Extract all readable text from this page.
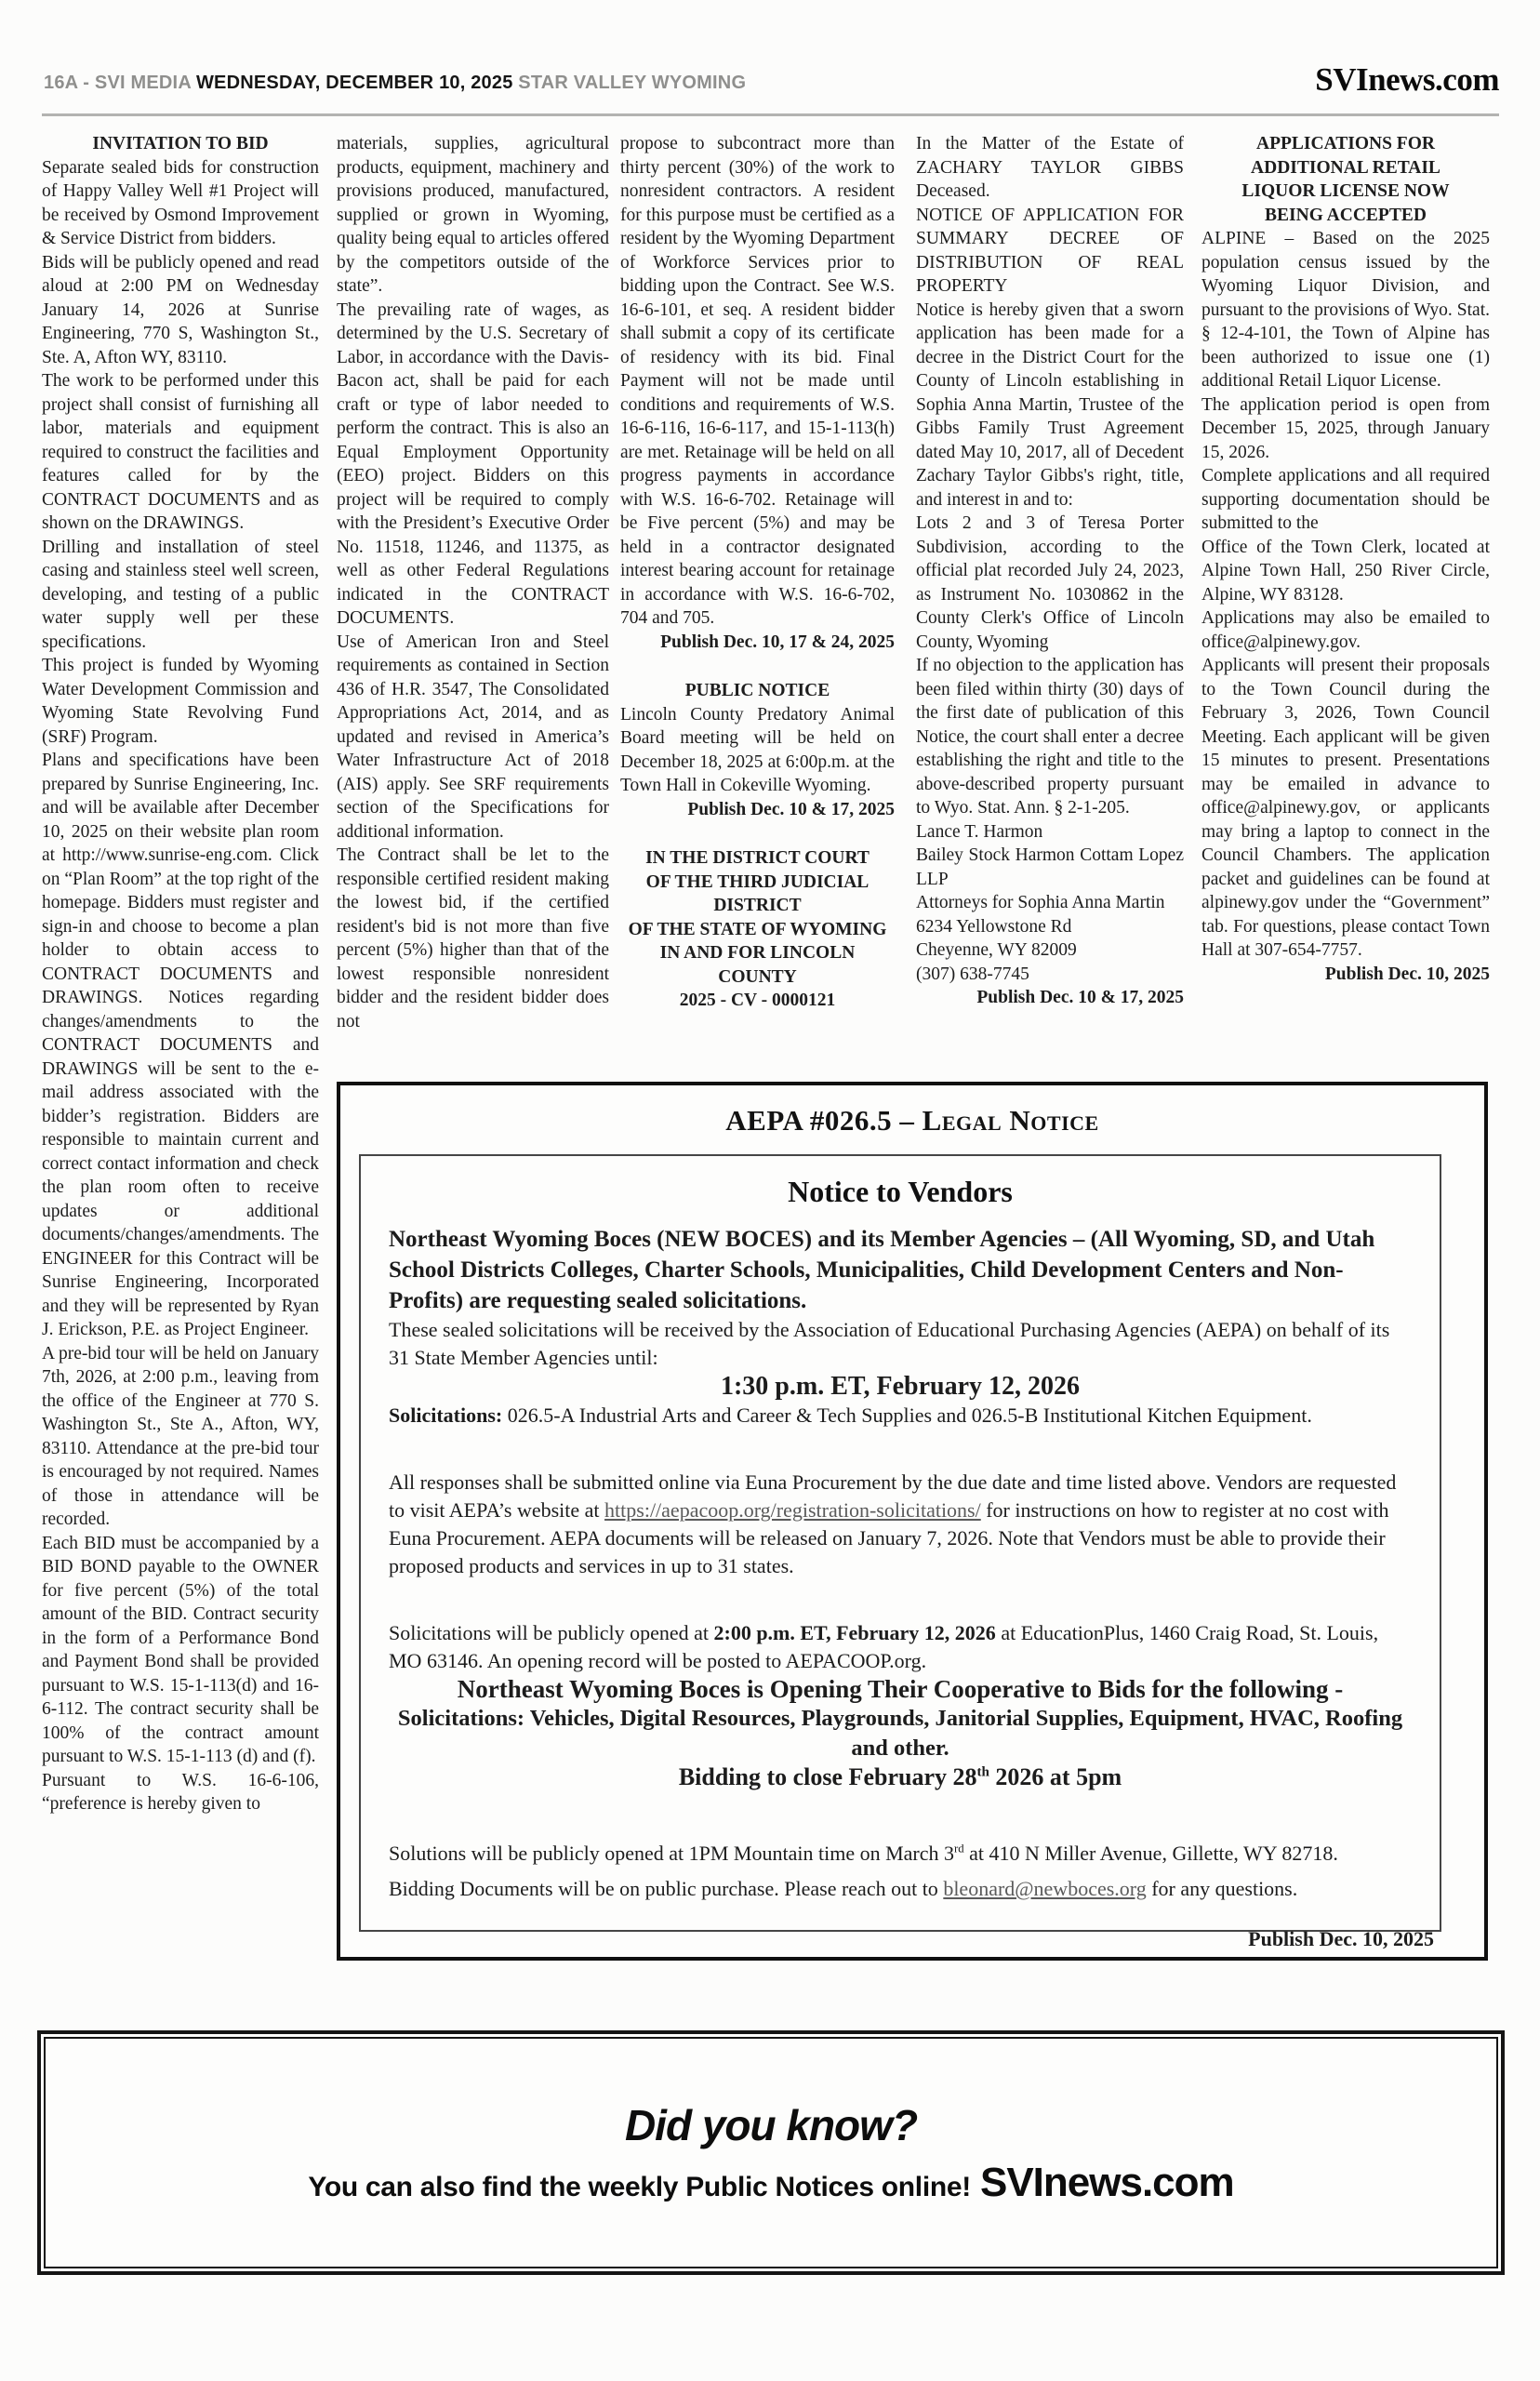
16A - SVI MEDIA WEDNESDAY, DECEMBER 10, 2025 STAR VALLEY WYOMING	SVInews.com

INVITATION TO BID

Separate sealed bids for construction of Happy Valley Well #1 Project will be received by Osmond Improvement & Service District from bidders.

Bids will be publicly opened and read aloud at 2:00 PM on Wednesday January 14, 2026 at Sunrise Engineering, 770 S, Washington St., Ste. A, Afton WY, 83110.

The work to be performed under this project shall consist of furnishing all labor, materials and equipment required to construct the facilities and features called for by the CONTRACT DOCUMENTS and as shown on the DRAWINGS.

Drilling and installation of steel casing and stainless steel well screen, developing, and testing of a public water supply well per these specifications.

This project is funded by Wyoming Water Development Commission and Wyoming State Revolving Fund (SRF) Program.

Plans and specifications have been prepared by Sunrise Engineering, Inc. and will be available after December 10, 2025 on their website plan room at http://www.sunrise-eng.com. Click on “Plan Room” at the top right of the homepage. Bidders must register and sign-in and choose to become a plan holder to obtain access to CONTRACT DOCUMENTS and DRAWINGS. Notices regarding changes/amendments to the CONTRACT DOCUMENTS and DRAWINGS will be sent to the e-mail address associated with the bidder’s registration. Bidders are responsible to maintain current and correct contact information and check the plan room often to receive updates or additional documents/changes/amendments. The ENGINEER for this Contract will be Sunrise Engineering, Incorporated and they will be represented by Ryan J. Erickson, P.E. as Project Engineer.

A pre-bid tour will be held on January 7th, 2026, at 2:00 p.m., leaving from the office of the Engineer at 770 S. Washington St., Ste A., Afton, WY, 83110. Attendance at the pre-bid tour is encouraged by not required. Names of those in attendance will be recorded.

Each BID must be accompanied by a BID BOND payable to the OWNER for five percent (5%) of the total amount of the BID. Contract security in the form of a Performance Bond and Payment Bond shall be provided pursuant to W.S. 15-1-113(d) and 16-6-112. The contract security shall be 100% of the contract amount pursuant to W.S. 15-1-113 (d) and (f).

Pursuant to W.S. 16-6-106, “preference is hereby given to

materials, supplies, agricultural products, equipment, machinery and provisions produced, manufactured, supplied or grown in Wyoming, quality being equal to articles offered by the competitors outside of the state”.

The prevailing rate of wages, as determined by the U.S. Secretary of Labor, in accordance with the Davis-Bacon act, shall be paid for each craft or type of labor needed to perform the contract. This is also an Equal Employment Opportunity (EEO) project. Bidders on this project will be required to comply with the President’s Executive Order No. 11518, 11246, and 11375, as well as other Federal Regulations indicated in the CONTRACT DOCUMENTS.

Use of American Iron and Steel requirements as contained in Section 436 of H.R. 3547, The Consolidated Appropriations Act, 2014, and as updated and revised in America’s Water Infrastructure Act of 2018 (AIS) apply. See SRF requirements section of the Specifications for additional information.

The Contract shall be let to the responsible certified resident making the lowest bid, if the certified resident's bid is not more than five percent (5%) higher than that of the lowest responsible nonresident bidder and the resident bidder does not

propose to subcontract more than thirty percent (30%) of the work to nonresident contractors. A resident for this purpose must be certified as a resident by the Wyoming Department of Workforce Services prior to bidding upon the Contract. See W.S. 16-6-101, et seq. A resident bidder shall submit a copy of its certificate of residency with its bid. Final Payment will not be made until conditions and requirements of W.S. 16-6-116, 16-6-117, and 15-1-113(h) are met. Retainage will be held on all progress payments in accordance with W.S. 16-6-702. Retainage will be Five percent (5%) and may be held in a contractor designated interest bearing account for retainage in accordance with W.S. 16-6-702, 704 and 705.

Publish Dec. 10, 17 & 24, 2025

PUBLIC NOTICE

Lincoln County Predatory Animal Board meeting will be held on December 18, 2025 at 6:00p.m. at the Town Hall in Cokeville Wyoming.

Publish Dec. 10 & 17, 2025

IN THE DISTRICT COURT
OF THE THIRD JUDICIAL
DISTRICT
OF THE STATE OF WYOMING
IN AND FOR LINCOLN
COUNTY
2025 - CV - 0000121

In the Matter of the Estate of ZACHARY TAYLOR GIBBS Deceased.

NOTICE OF APPLICATION FOR SUMMARY DECREE OF DISTRIBUTION OF REAL PROPERTY

Notice is hereby given that a sworn application has been made for a decree in the District Court for the County of Lincoln establishing in Sophia Anna Martin, Trustee of the Gibbs Family Trust Agreement dated May 10, 2017, all of Decedent Zachary Taylor Gibbs's right, title, and interest in and to:

Lots 2 and 3 of Teresa Porter Subdivision, according to the official plat recorded July 24, 2023, as Instrument No. 1030862 in the County Clerk's Office of Lincoln County, Wyoming

If no objection to the application has been filed within thirty (30) days of the first date of publication of this Notice, the court shall enter a decree establishing the right and title to the above-described property pursuant to Wyo. Stat. Ann. § 2-1-205.

Lance T. Harmon

Bailey Stock Harmon Cottam Lopez LLP

Attorneys for Sophia Anna Martin

6234 Yellowstone Rd

Cheyenne, WY 82009

(307) 638-7745

Publish Dec. 10 & 17, 2025

APPLICATIONS FOR
ADDITIONAL RETAIL
LIQUOR LICENSE NOW
BEING ACCEPTED

ALPINE – Based on the 2025 population census issued by the Wyoming Liquor Division, and pursuant to the provisions of Wyo. Stat. § 12-4-101, the Town of Alpine has been authorized to issue one (1) additional Retail Liquor License.

The application period is open from December 15, 2025, through January 15, 2026.

Complete applications and all required supporting documentation should be submitted to the

Office of the Town Clerk, located at Alpine Town Hall, 250 River Circle, Alpine, WY 83128.

Applications may also be emailed to office@alpinewy.gov.

Applicants will present their proposals to the Town Council during the February 3, 2026, Town Council Meeting. Each applicant will be given 15 minutes to present. Presentations may be emailed in advance to office@alpinewy.gov, or applicants may bring a laptop to connect in the Council Chambers. The application packet and guidelines can be found at alpinewy.gov under the “Government” tab. For questions, please contact Town Hall at 307-654-7757.

Publish Dec. 10, 2025

AEPA #026.5 – Legal Notice
Notice to Vendors

Northeast Wyoming Boces (NEW BOCES) and its Member Agencies – (All Wyoming, SD, and Utah School Districts Colleges, Charter Schools, Municipalities, Child Development Centers and Non-Profits) are requesting sealed solicitations.

These sealed solicitations will be received by the Association of Educational Purchasing Agencies (AEPA) on behalf of its 31 State Member Agencies until:

1:30 p.m. ET, February 12, 2026

Solicitations: 026.5-A Industrial Arts and Career & Tech Supplies and 026.5-B Institutional Kitchen Equipment.

All responses shall be submitted online via Euna Procurement by the due date and time listed above. Vendors are requested to visit AEPA’s website at https://aepacoop.org/registration-solicitations/ for instructions on how to register at no cost with Euna Procurement. AEPA documents will be released on January 7, 2026. Note that Vendors must be able to provide their proposed products and services in up to 31 states.

Solicitations will be publicly opened at 2:00 p.m. ET, February 12, 2026 at EducationPlus, 1460 Craig Road, St. Louis, MO 63146. An opening record will be posted to AEPACOOP.org.

Northeast Wyoming Boces is Opening Their Cooperative to Bids for the following -

Solicitations: Vehicles, Digital Resources, Playgrounds, Janitorial Supplies, Equipment, HVAC, Roofing and other.

Bidding to close February 28th 2026 at 5pm

Solutions will be publicly opened at 1PM Mountain time on March 3rd at 410 N Miller Avenue, Gillette, WY 82718.

Bidding Documents will be on public purchase. Please reach out to bleonard@newboces.org for any questions.

Publish Dec. 10, 2025
Did you know?
You can also find the weekly Public Notices online! SVInews.com
